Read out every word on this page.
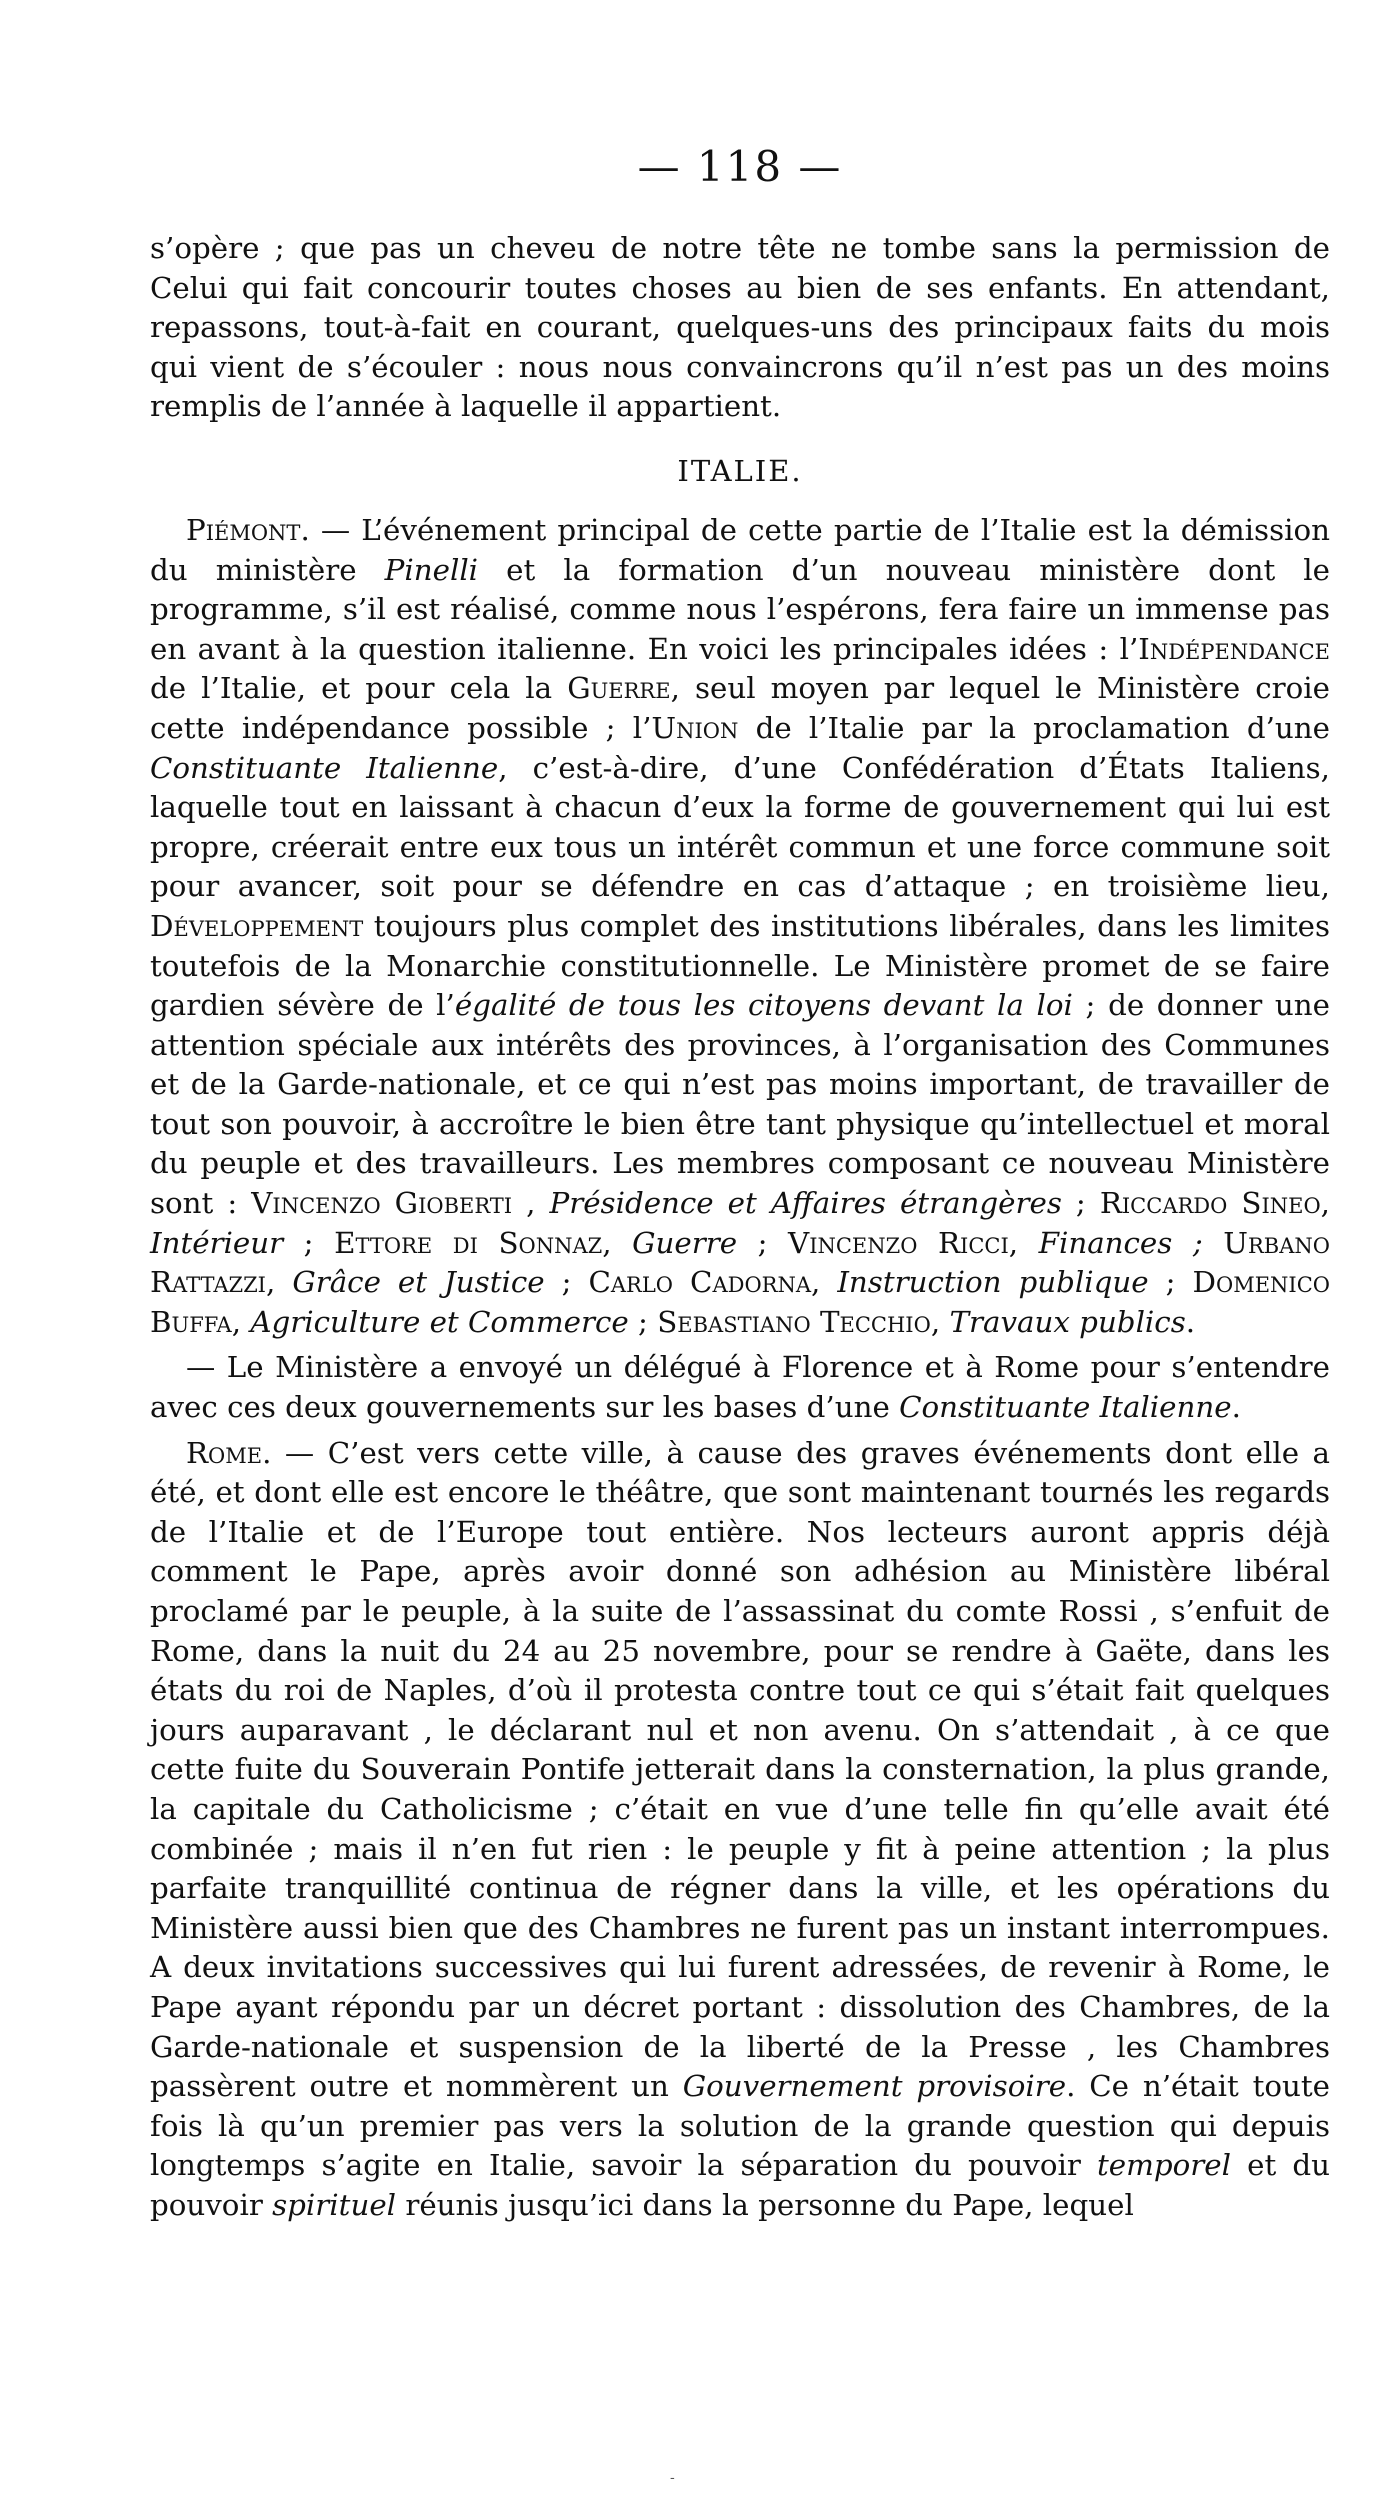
— 118 —

s’opère ; que pas un cheveu de notre tête ne tombe sans la permission de Celui qui fait concourir toutes choses au bien de ses enfants. En attendant, repassons, tout-à-fait en courant, quelques-uns des principaux faits du mois qui vient de s’écouler : nous nous convaincrons qu’il n’est pas un des moins remplis de l’année à laquelle il appartient.

ITALIE.

Piémont. — L’événement principal de cette partie de l’Italie est la démission du ministère Pinelli et la formation d’un nouveau ministère dont le programme, s’il est réalisé, comme nous l’espérons, fera faire un immense pas en avant à la question italienne. En voici les principales idées : l’Indépendance de l’Italie, et pour cela la Guerre, seul moyen par lequel le Ministère croie cette indépendance possible ; l’Union de l’Italie par la proclamation d’une Constituante Italienne, c’est-à-dire, d’une Confédération d’États Italiens, laquelle tout en laissant à chacun d’eux la forme de gouvernement qui lui est propre, créerait entre eux tous un intérêt commun et une force commune soit pour avancer, soit pour se défendre en cas d’attaque ; en troisième lieu, Développement toujours plus complet des institutions libérales, dans les limites toutefois de la Monarchie constitutionnelle. Le Ministère promet de se faire gardien sévère de l’égalité de tous les citoyens devant la loi ; de donner une attention spéciale aux intérêts des provinces, à l’organisation des Communes et de la Garde-nationale, et ce qui n’est pas moins important, de travailler de tout son pouvoir, à accroître le bien être tant physique qu’intellectuel et moral du peuple et des travailleurs. Les membres composant ce nouveau Ministère sont : Vincenzo Gioberti , Présidence et Affaires étrangères ; Riccardo Sineo, Intérieur ; Ettore di Sonnaz, Guerre ; Vincenzo Ricci, Finances ; Urbano Rattazzi, Grâce et Justice ; Carlo Cadorna, Instruction publique ; Domenico Buffa, Agriculture et Commerce ; Sebastiano Tecchio, Travaux publics.

— Le Ministère a envoyé un délégué à Florence et à Rome pour s’entendre avec ces deux gouvernements sur les bases d’une Constituante Italienne.

Rome. — C’est vers cette ville, à cause des graves événements dont elle a été, et dont elle est encore le théâtre, que sont maintenant tournés les regards de l’Italie et de l’Europe tout entière. Nos lecteurs auront appris déjà comment le Pape, après avoir donné son adhésion au Ministère libéral proclamé par le peuple, à la suite de l’assassinat du comte Rossi , s’enfuit de Rome, dans la nuit du 24 au 25 novembre, pour se rendre à Gaëte, dans les états du roi de Naples, d’où il protesta contre tout ce qui s’était fait quelques jours auparavant , le déclarant nul et non avenu. On s’attendait , à ce que cette fuite du Souverain Pontife jetterait dans la consternation, la plus grande, la capitale du Catholicisme ; c’était en vue d’une telle fin qu’elle avait été combinée ; mais il n’en fut rien : le peuple y fit à peine attention ; la plus parfaite tranquillité continua de régner dans la ville, et les opérations du Ministère aussi bien que des Chambres ne furent pas un instant interrompues. A deux invitations successives qui lui furent adressées, de revenir à Rome, le Pape ayant répondu par un décret portant : dissolution des Chambres, de la Garde-nationale et suspension de la liberté de la Presse , les Chambres passèrent outre et nommèrent un Gouvernement provisoire. Ce n’était toute fois là qu’un premier pas vers la solution de la grande question qui depuis longtemps s’agite en Italie, savoir la séparation du pouvoir temporel et du pouvoir spirituel réunis jusqu’ici dans la personne du Pape, lequel

-
